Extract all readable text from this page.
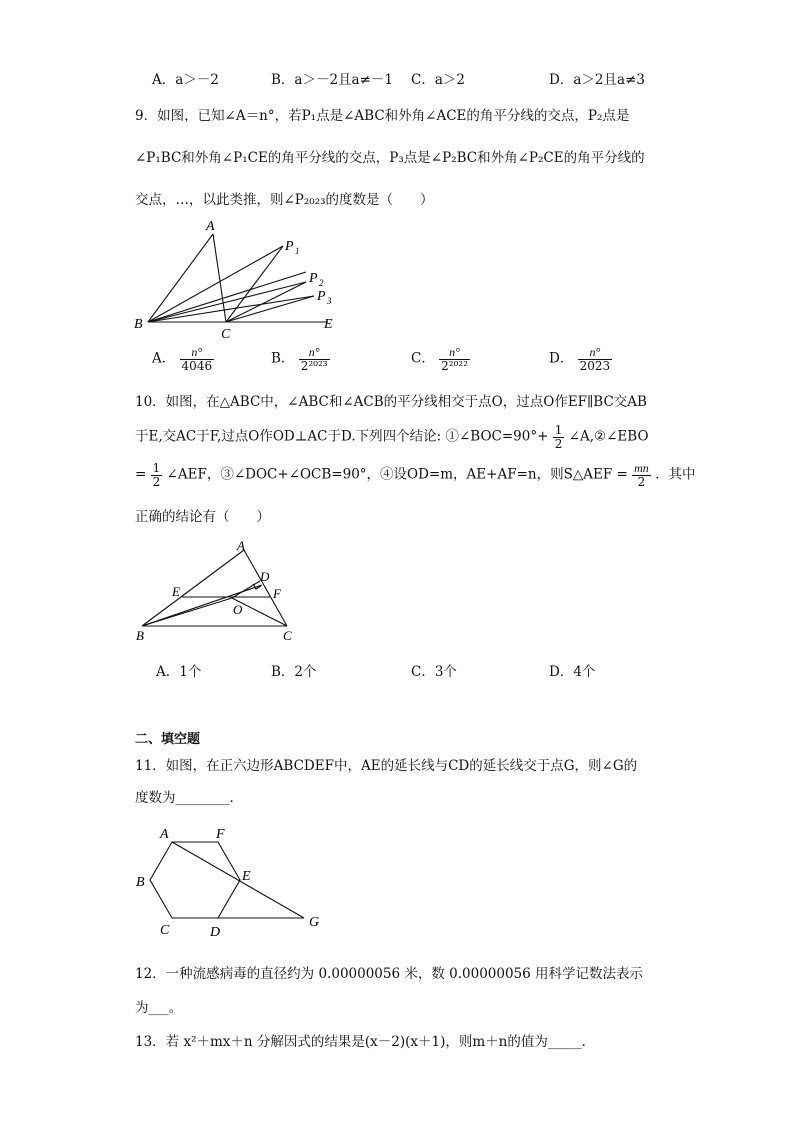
A．a＞－2	B．a＞－2且a≠－1 C．a＞2	D．a＞2且a≠3
9．如图，已知∠A＝n°，若P₁点是∠ABC和外角∠ACE的角平分线的交点，P₂点是
∠P₁BC和外角∠P₁CE的角平分线的交点，P₃点是∠P₂BC和外角∠P₂CE的角平分线的
交点，…，以此类推，则∠P₂₀₂₃的度数是（　　）
A
P 1
P 2
P 3
B
C
E
A． $\frac{n^\circ}{4046}$	B． $\frac{n^\circ}{\text{2²⁰²³}}$	C． $\frac{n^\circ}{\text{2²⁰²²}}$	D． $\frac{n^\circ}{2023}$
10．如图，在△ABC中，∠ABC和∠ACB的平分线相交于点O，过点O作EF∥BC交AB
于E,交AC于F,过点O作OD⊥AC于D.下列四个结论: ①∠BOC=90°+ $\frac{1}{2}$ ∠A,②∠EBO
= $\frac{1}{2}$ ∠AEF，③∠DOC+∠OCB=90°，④设OD=m，AE+AF=n，则S△AEF = $\frac{mn}{2}$ ．其中
正确的结论有（　　）
A
D
E	F
O
B	C
A．1个	B．2个	C．3个	D．4个
二、填空题
11．如图，在正六边形ABCDEF中，AE的延长线与CD的延长线交于点G，则∠G的
度数为________．
A	F
B	E
C	D
G
12．一种流感病毒的直径约为 0.00000056 米，数 0.00000056 用科学记数法表示
为___。
13．若 x²＋mx＋n 分解因式的结果是(x－2)(x＋1)，则m＋n的值为_____．
